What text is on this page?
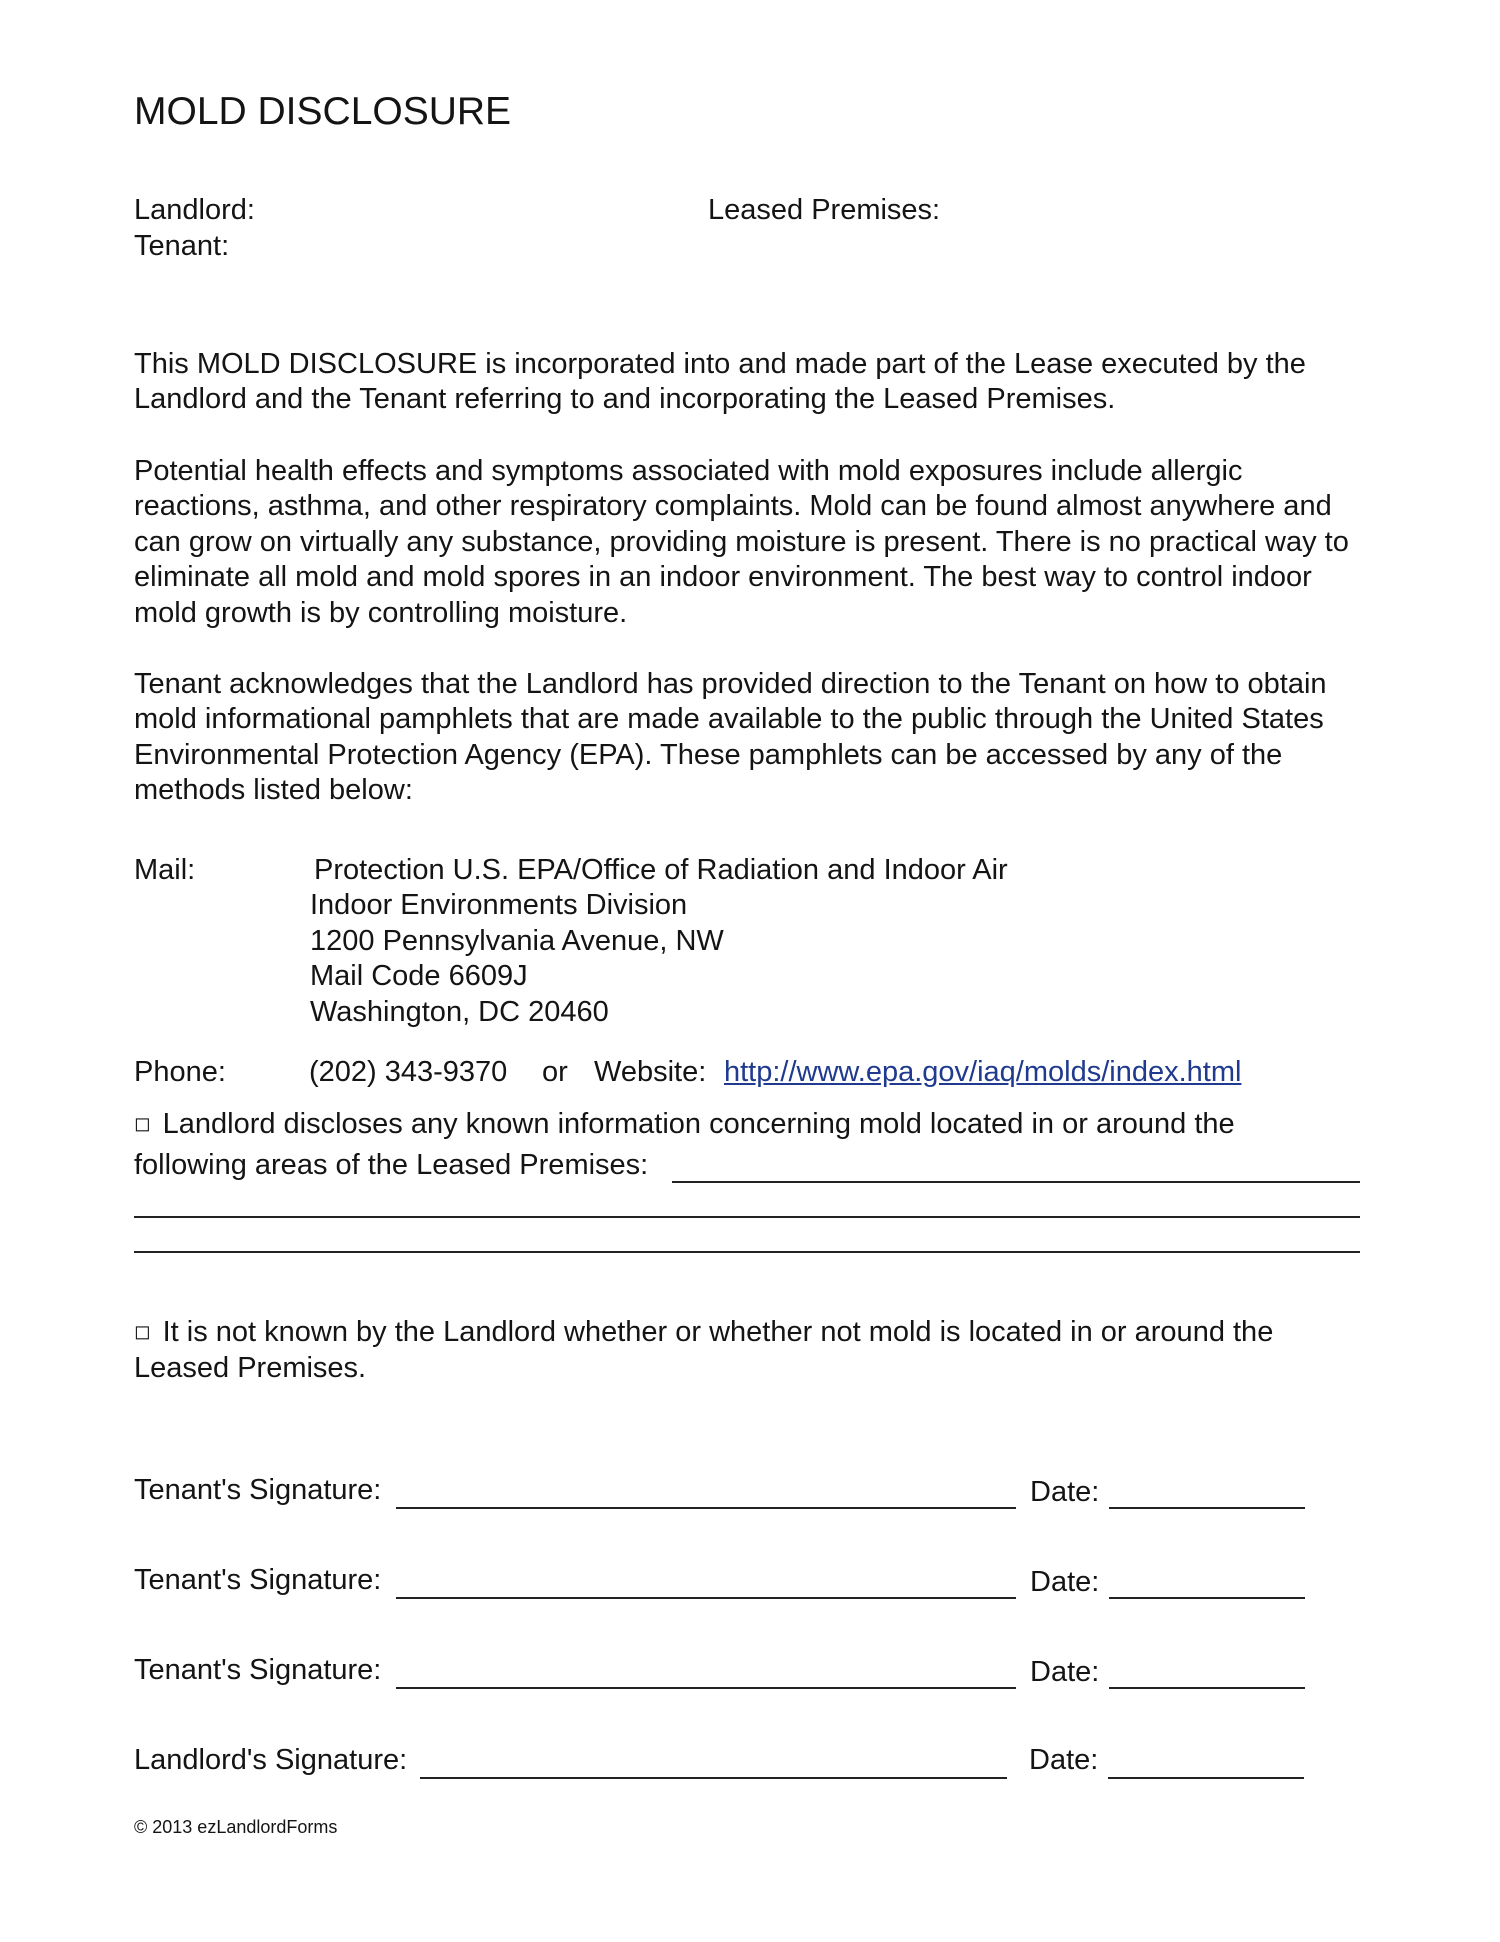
MOLD DISCLOSURE
Landlord:
Tenant:
Leased Premises:
This MOLD DISCLOSURE is incorporated into and made part of the Lease executed by the
Landlord and the Tenant referring to and incorporating the Leased Premises.
Potential health effects and symptoms associated with mold exposures include allergic
reactions, asthma, and other respiratory complaints. Mold can be found almost anywhere and
can grow on virtually any substance, providing moisture is present. There is no practical way to
eliminate all mold and mold spores in an indoor environment. The best way to control indoor
mold growth is by controlling moisture.
Tenant acknowledges that the Landlord has provided direction to the Tenant on how to obtain
mold informational pamphlets that are made available to the public through the United States
Environmental Protection Agency (EPA). These pamphlets can be accessed by any of the
methods listed below:
Mail:	Protection U.S. EPA/Office of Radiation and Indoor Air
Indoor Environments Division
1200 Pennsylvania Avenue, NW
Mail Code 6609J
Washington, DC 20460
Phone:	(202) 343-9370 or Website: http://www.epa.gov/iaq/molds/index.html
◻ Landlord discloses any known information concerning mold located in or around the
following areas of the Leased Premises:
◻ It is not known by the Landlord whether or whether not mold is located in or around the
Leased Premises.
Tenant's Signature:	Date:
Tenant's Signature:	Date:
Tenant's Signature:	Date:
Landlord's Signature:	Date:
© 2013 ezLandlordForms
